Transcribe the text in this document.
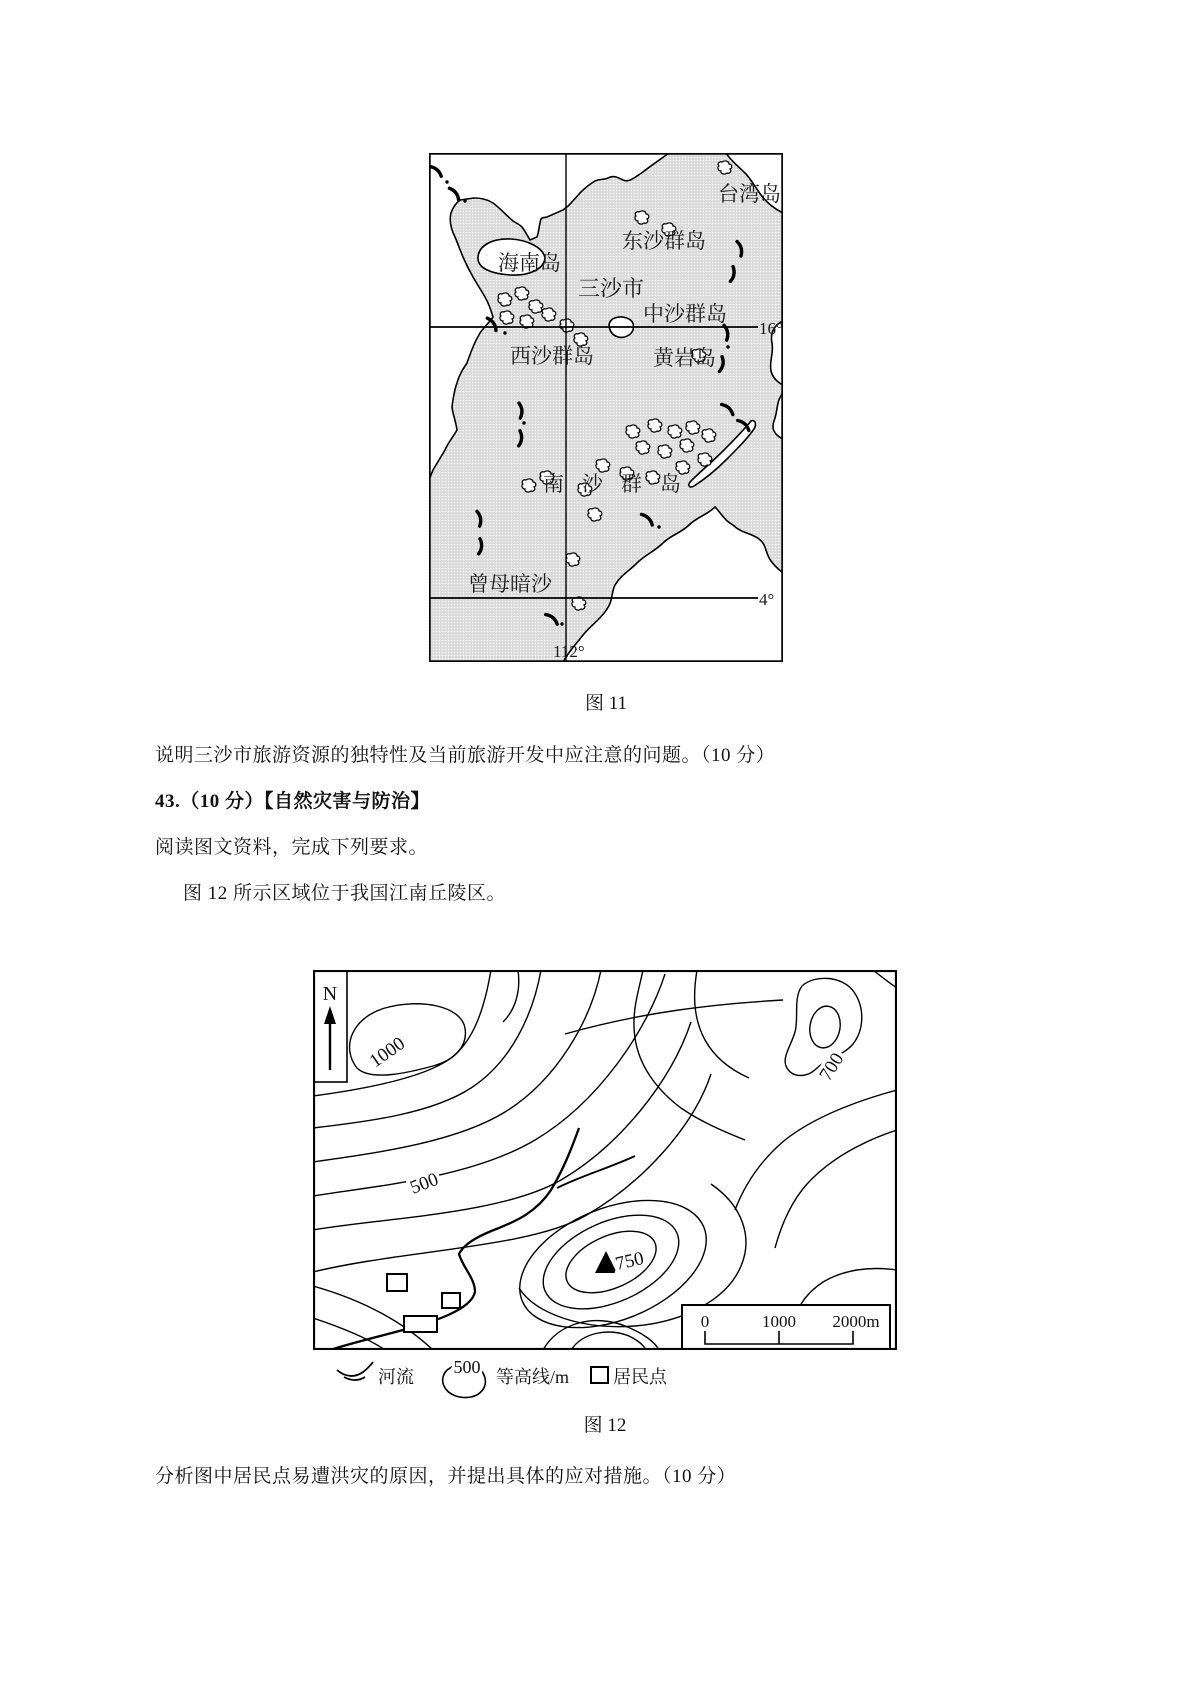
台湾岛
东沙群岛
海南岛
三沙市
中沙群岛
西沙群岛	黄岩岛
南沙群岛
曾母暗沙
16°
4°
112°
图 11
说明三沙市旅游资源的独特性及当前旅游开发中应注意的问题。（10 分）
43.（10 分）【自然灾害与防治】
阅读图文资料，完成下列要求。
图 12 所示区域位于我国江南丘陵区。
1000	700
500
750
N
0	1000 2000m
河流 500 等高线/m 居民点
图 12
分析图中居民点易遭洪灾的原因，并提出具体的应对措施。（10 分）
